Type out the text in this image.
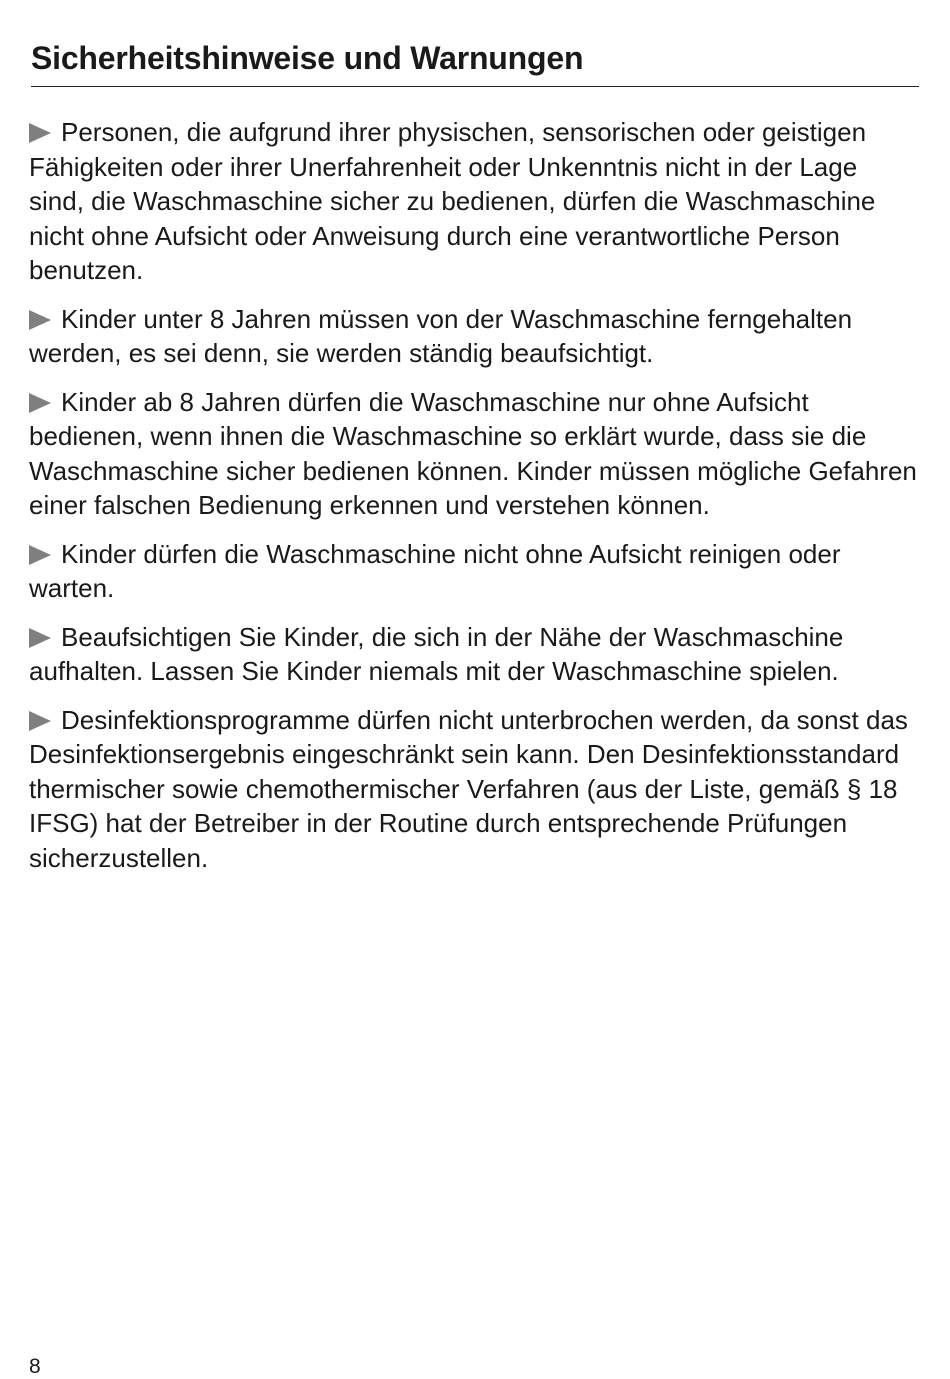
Sicherheitshinweise und Warnungen

Personen, die aufgrund ihrer physischen, sensorischen oder geistigen Fähigkeiten oder ihrer Unerfahrenheit oder Unkenntnis nicht in der Lage sind, die Waschmaschine sicher zu bedienen, dürfen die Waschmaschine nicht ohne Aufsicht oder Anweisung durch eine verantwortliche Person benutzen.

Kinder unter 8 Jahren müssen von der Waschmaschine ferngehalten werden, es sei denn, sie werden ständig beaufsichtigt.

Kinder ab 8 Jahren dürfen die Waschmaschine nur ohne Aufsicht bedienen, wenn ihnen die Waschmaschine so erklärt wurde, dass sie die Waschmaschine sicher bedienen können. Kinder müssen mögliche Gefahren einer falschen Bedienung erkennen und verstehen können.

Kinder dürfen die Waschmaschine nicht ohne Aufsicht reinigen oder warten.

Beaufsichtigen Sie Kinder, die sich in der Nähe der Waschmaschine aufhalten. Lassen Sie Kinder niemals mit der Waschmaschine spielen.

Desinfektionsprogramme dürfen nicht unterbrochen werden, da sonst das Desinfektionsergebnis eingeschränkt sein kann. Den Desinfektionsstandard thermischer sowie chemothermischer Verfahren (aus der Liste, gemäß § 18 IFSG) hat der Betreiber in der Routine durch entsprechende Prüfungen sicherzustellen.

8
